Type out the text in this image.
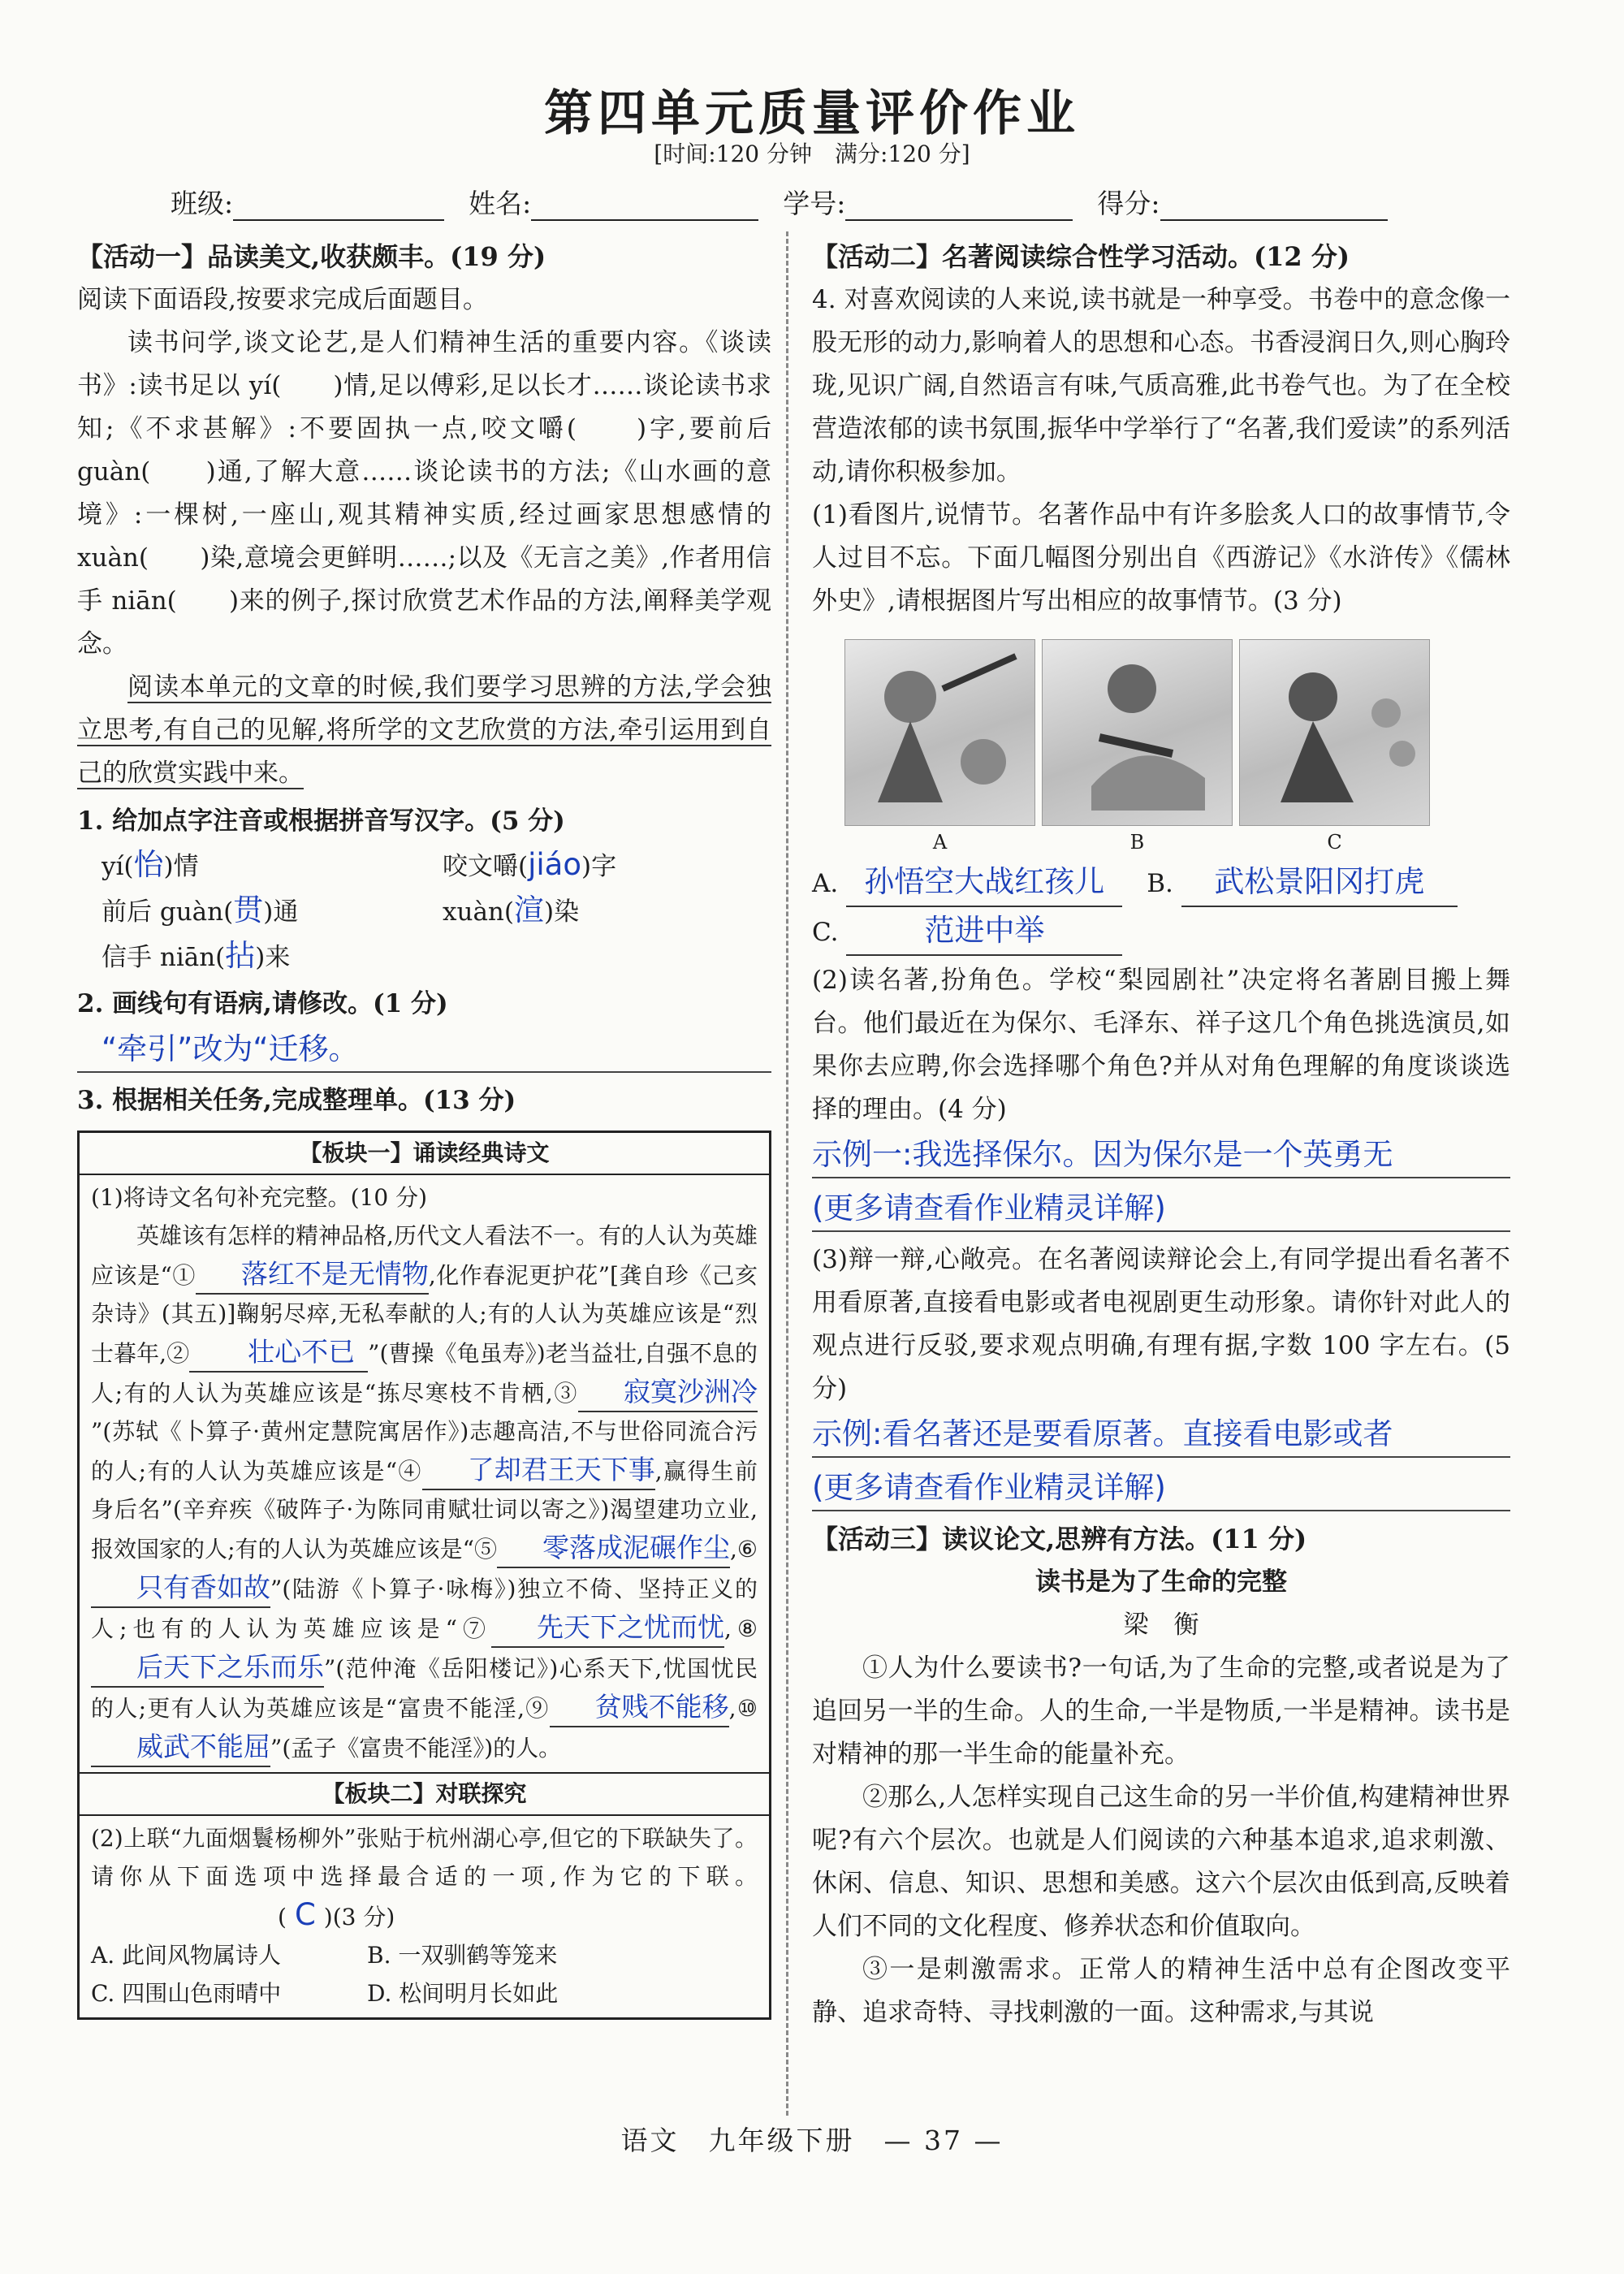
第四单元质量评价作业
[时间:120 分钟　满分:120 分]
班级:	姓名:	学号:	得分:
【活动一】品读美文,收获颇丰。(19 分)
阅读下面语段,按要求完成后面题目。
读书问学,谈文论艺,是人们精神生活的重要内容。《谈读书》:读书足以 yí(　　)情,足以傅彩,足以长才……谈论读书求知;《不求甚解》:不要固执一点,咬文嚼(　　)字,要前后 guàn(　　)通,了解大意……谈论读书的方法;《山水画的意境》:一棵树,一座山,观其精神实质,经过画家思想感情的 xuàn(　　)染,意境会更鲜明……;以及《无言之美》,作者用信手 niān(　　)来的例子,探讨欣赏艺术作品的方法,阐释美学观念。
阅读本单元的文章的时候,我们要学习思辨的方法,学会独立思考,有自己的见解,将所学的文艺欣赏的方法,牵引运用到自己的欣赏实践中来。
1. 给加点字注音或根据拼音写汉字。(5 分)
yí(怡)情	咬文嚼(jiáo)字
前后 guàn(贯)通	xuàn(渲)染
信手 niān(拈)来
2. 画线句有语病,请修改。(1 分)
“牵引”改为“迁移。
3. 根据相关任务,完成整理单。(13 分)
【板块一】诵读经典诗文
(1)将诗文名句补充完整。(10 分)
英雄该有怎样的精神品格,历代文人看法不一。有的人认为英雄应该是“① 落红不是无情物,化作春泥更护花”[龚自珍《己亥杂诗》(其五)]鞠躬尽瘁,无私奉献的人;有的人认为英雄应该是“烈士暮年,② 壮心不已 ”(曹操《龟虽寿》)老当益壮,自强不息的人;有的人认为英雄应该是“拣尽寒枝不肯栖,③ 寂寞沙洲冷”(苏轼《卜算子·黄州定慧院寓居作》)志趣高洁,不与世俗同流合污的人;有的人认为英雄应该是“④ 了却君王天下事,赢得生前身后名”(辛弃疾《破阵子·为陈同甫赋壮词以寄之》)渴望建功立业,报效国家的人;有的人认为英雄应该是“⑤ 零落成泥碾作尘,⑥只有香如故”(陆游《卜算子·咏梅》)独立不倚、坚持正义的人;也有的人认为英雄应该是“⑦ 先天下之忧而忧,⑧后天下之乐而乐”(范仲淹《岳阳楼记》)心系天下,忧国忧民的人;更有人认为英雄应该是“富贵不能淫,⑨ 贫贱不能移,⑩威武不能屈”(孟子《富贵不能淫》)的人。
【板块二】对联探究
(2)上联“九面烟鬟杨柳外”张贴于杭州湖心亭,但它的下联缺失了。请你从下面选项中选择最合适的一项,作为它的下联。( C )(3 分)
A. 此间风物属诗人	B. 一双驯鹤等笼来
C. 四围山色雨晴中	D. 松间明月长如此
【活动二】名著阅读综合性学习活动。(12 分)
4. 对喜欢阅读的人来说,读书就是一种享受。书卷中的意念像一股无形的动力,影响着人的思想和心态。书香浸润日久,则心胸玲珑,见识广阔,自然语言有味,气质高雅,此书卷气也。为了在全校营造浓郁的读书氛围,振华中学举行了“名著,我们爱读”的系列活动,请你积极参加。
(1)看图片,说情节。名著作品中有许多脍炙人口的故事情节,令人过目不忘。下面几幅图分别出自《西游记》《水浒传》《儒林外史》,请根据图片写出相应的故事情节。(3 分)
A	B	C
A. 孙悟空大战红孩儿	B.	武松景阳冈打虎
C.	范进中举
(2)读名著,扮角色。学校“梨园剧社”决定将名著剧目搬上舞台。他们最近在为保尔、毛泽东、祥子这几个角色挑选演员,如果你去应聘,你会选择哪个角色?并从对角色理解的角度谈谈选择的理由。(4 分)
示例一:我选择保尔。因为保尔是一个英勇无
(更多请查看作业精灵详解)
(3)辩一辩,心敞亮。在名著阅读辩论会上,有同学提出看名著不用看原著,直接看电影或者电视剧更生动形象。请你针对此人的观点进行反驳,要求观点明确,有理有据,字数 100 字左右。(5 分)
示例:看名著还是要看原著。直接看电影或者
(更多请查看作业精灵详解)
【活动三】读议论文,思辨有方法。(11 分)
读书是为了生命的完整
梁　衡
①人为什么要读书?一句话,为了生命的完整,或者说是为了追回另一半的生命。人的生命,一半是物质,一半是精神。读书是对精神的那一半生命的能量补充。
②那么,人怎样实现自己这生命的另一半价值,构建精神世界呢?有六个层次。也就是人们阅读的六种基本追求,追求刺激、休闲、信息、知识、思想和美感。这六个层次由低到高,反映着人们不同的文化程度、修养状态和价值取向。
③一是刺激需求。正常人的精神生活中总有企图改变平静、追求奇特、寻找刺激的一面。这种需求,与其说
语文　九年级下册　— 37 —
